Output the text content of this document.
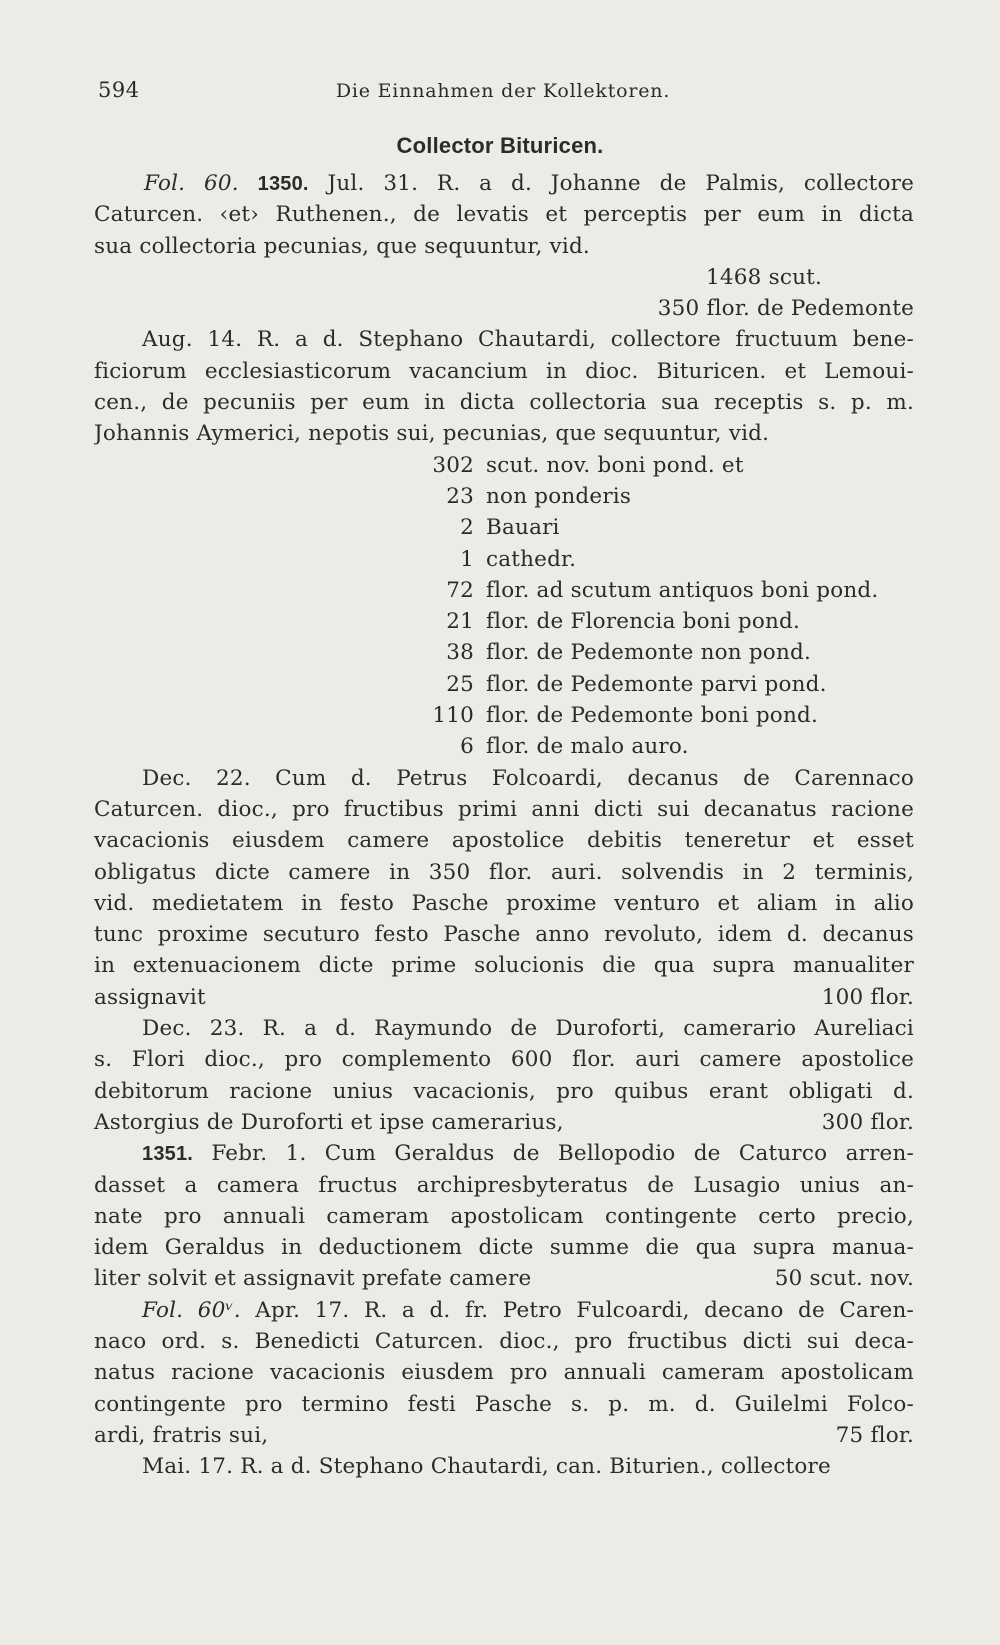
594	Die Einnahmen der Kollektoren.
Collector Bituricen.
Fol. 60. 1350. Jul. 31. R. a d. Johanne de Palmis, collectore
Caturcen. ‹et› Ruthenen., de levatis et perceptis per eum in dicta
sua collectoria pecunias, que sequuntur, vid.
1468 scut.
350 flor. de Pedemonte
Aug. 14. R. a d. Stephano Chautardi, collectore fructuum bene-
ficiorum ecclesiasticorum vacancium in dioc. Bituricen. et Lemoui-
cen., de pecuniis per eum in dicta collectoria sua receptis s. p. m.
Johannis Aymerici, nepotis sui, pecunias, que sequuntur, vid.
302 scut. nov. boni pond. et
23 non ponderis
2 Bauari
1 cathedr.
72 flor. ad scutum antiquos boni pond.
21 flor. de Florencia boni pond.
38 flor. de Pedemonte non pond.
25 flor. de Pedemonte parvi pond.
110 flor. de Pedemonte boni pond.
6 flor. de malo auro.
Dec. 22. Cum d. Petrus Folcoardi, decanus de Carennaco
Caturcen. dioc., pro fructibus primi anni dicti sui decanatus racione
vacacionis eiusdem camere apostolice debitis teneretur et esset
obligatus dicte camere in 350 flor. auri. solvendis in 2 terminis,
vid. medietatem in festo Pasche proxime venturo et aliam in alio
tunc proxime secuturo festo Pasche anno revoluto, idem d. decanus
in extenuacionem dicte prime solucionis die qua supra manualiter
assignavit	100 flor.
Dec. 23. R. a d. Raymundo de Duroforti, camerario Aureliaci
s. Flori dioc., pro complemento 600 flor. auri camere apostolice
debitorum racione unius vacacionis, pro quibus erant obligati d.
Astorgius de Duroforti et ipse camerarius,	300 flor.
1351. Febr. 1. Cum Geraldus de Bellopodio de Caturco arren-
dasset a camera fructus archipresbyteratus de Lusagio unius an-
nate pro annuali cameram apostolicam contingente certo precio,
idem Geraldus in deductionem dicte summe die qua supra manua-
liter solvit et assignavit prefate camere	50 scut. nov.
Fol. 60ᵛ. Apr. 17. R. a d. fr. Petro Fulcoardi, decano de Caren-
naco ord. s. Benedicti Caturcen. dioc., pro fructibus dicti sui deca-
natus racione vacacionis eiusdem pro annuali cameram apostolicam
contingente pro termino festi Pasche s. p. m. d. Guilelmi Folco-
ardi, fratris sui,	75 flor.
Mai. 17. R. a d. Stephano Chautardi, can. Biturien., collectore
